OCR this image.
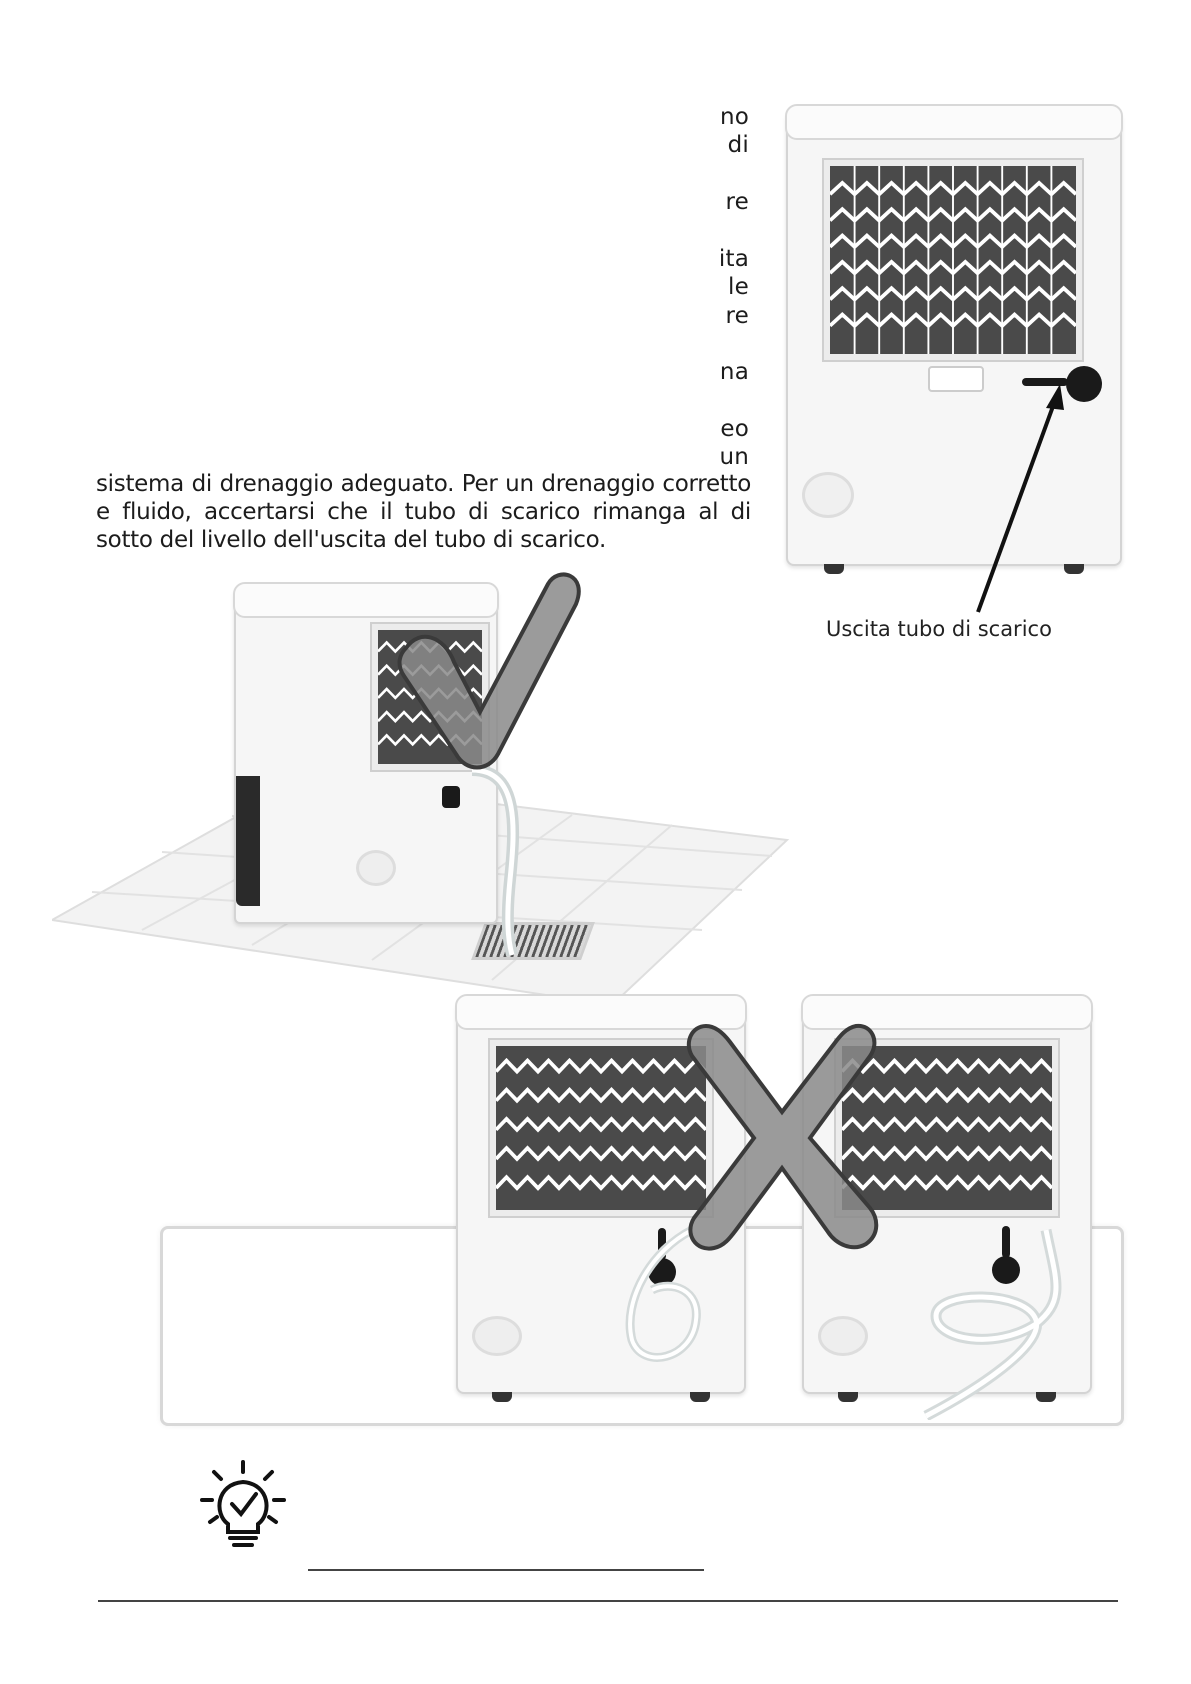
no
di
re
ita
le
re
na
eo
un
sistema di drenaggio adeguato. Per un drenaggio corretto e fluido, accertarsi che il tubo di scarico rimanga al di sotto del livello dell'uscita del tubo di scarico.
Uscita tubo di scarico
